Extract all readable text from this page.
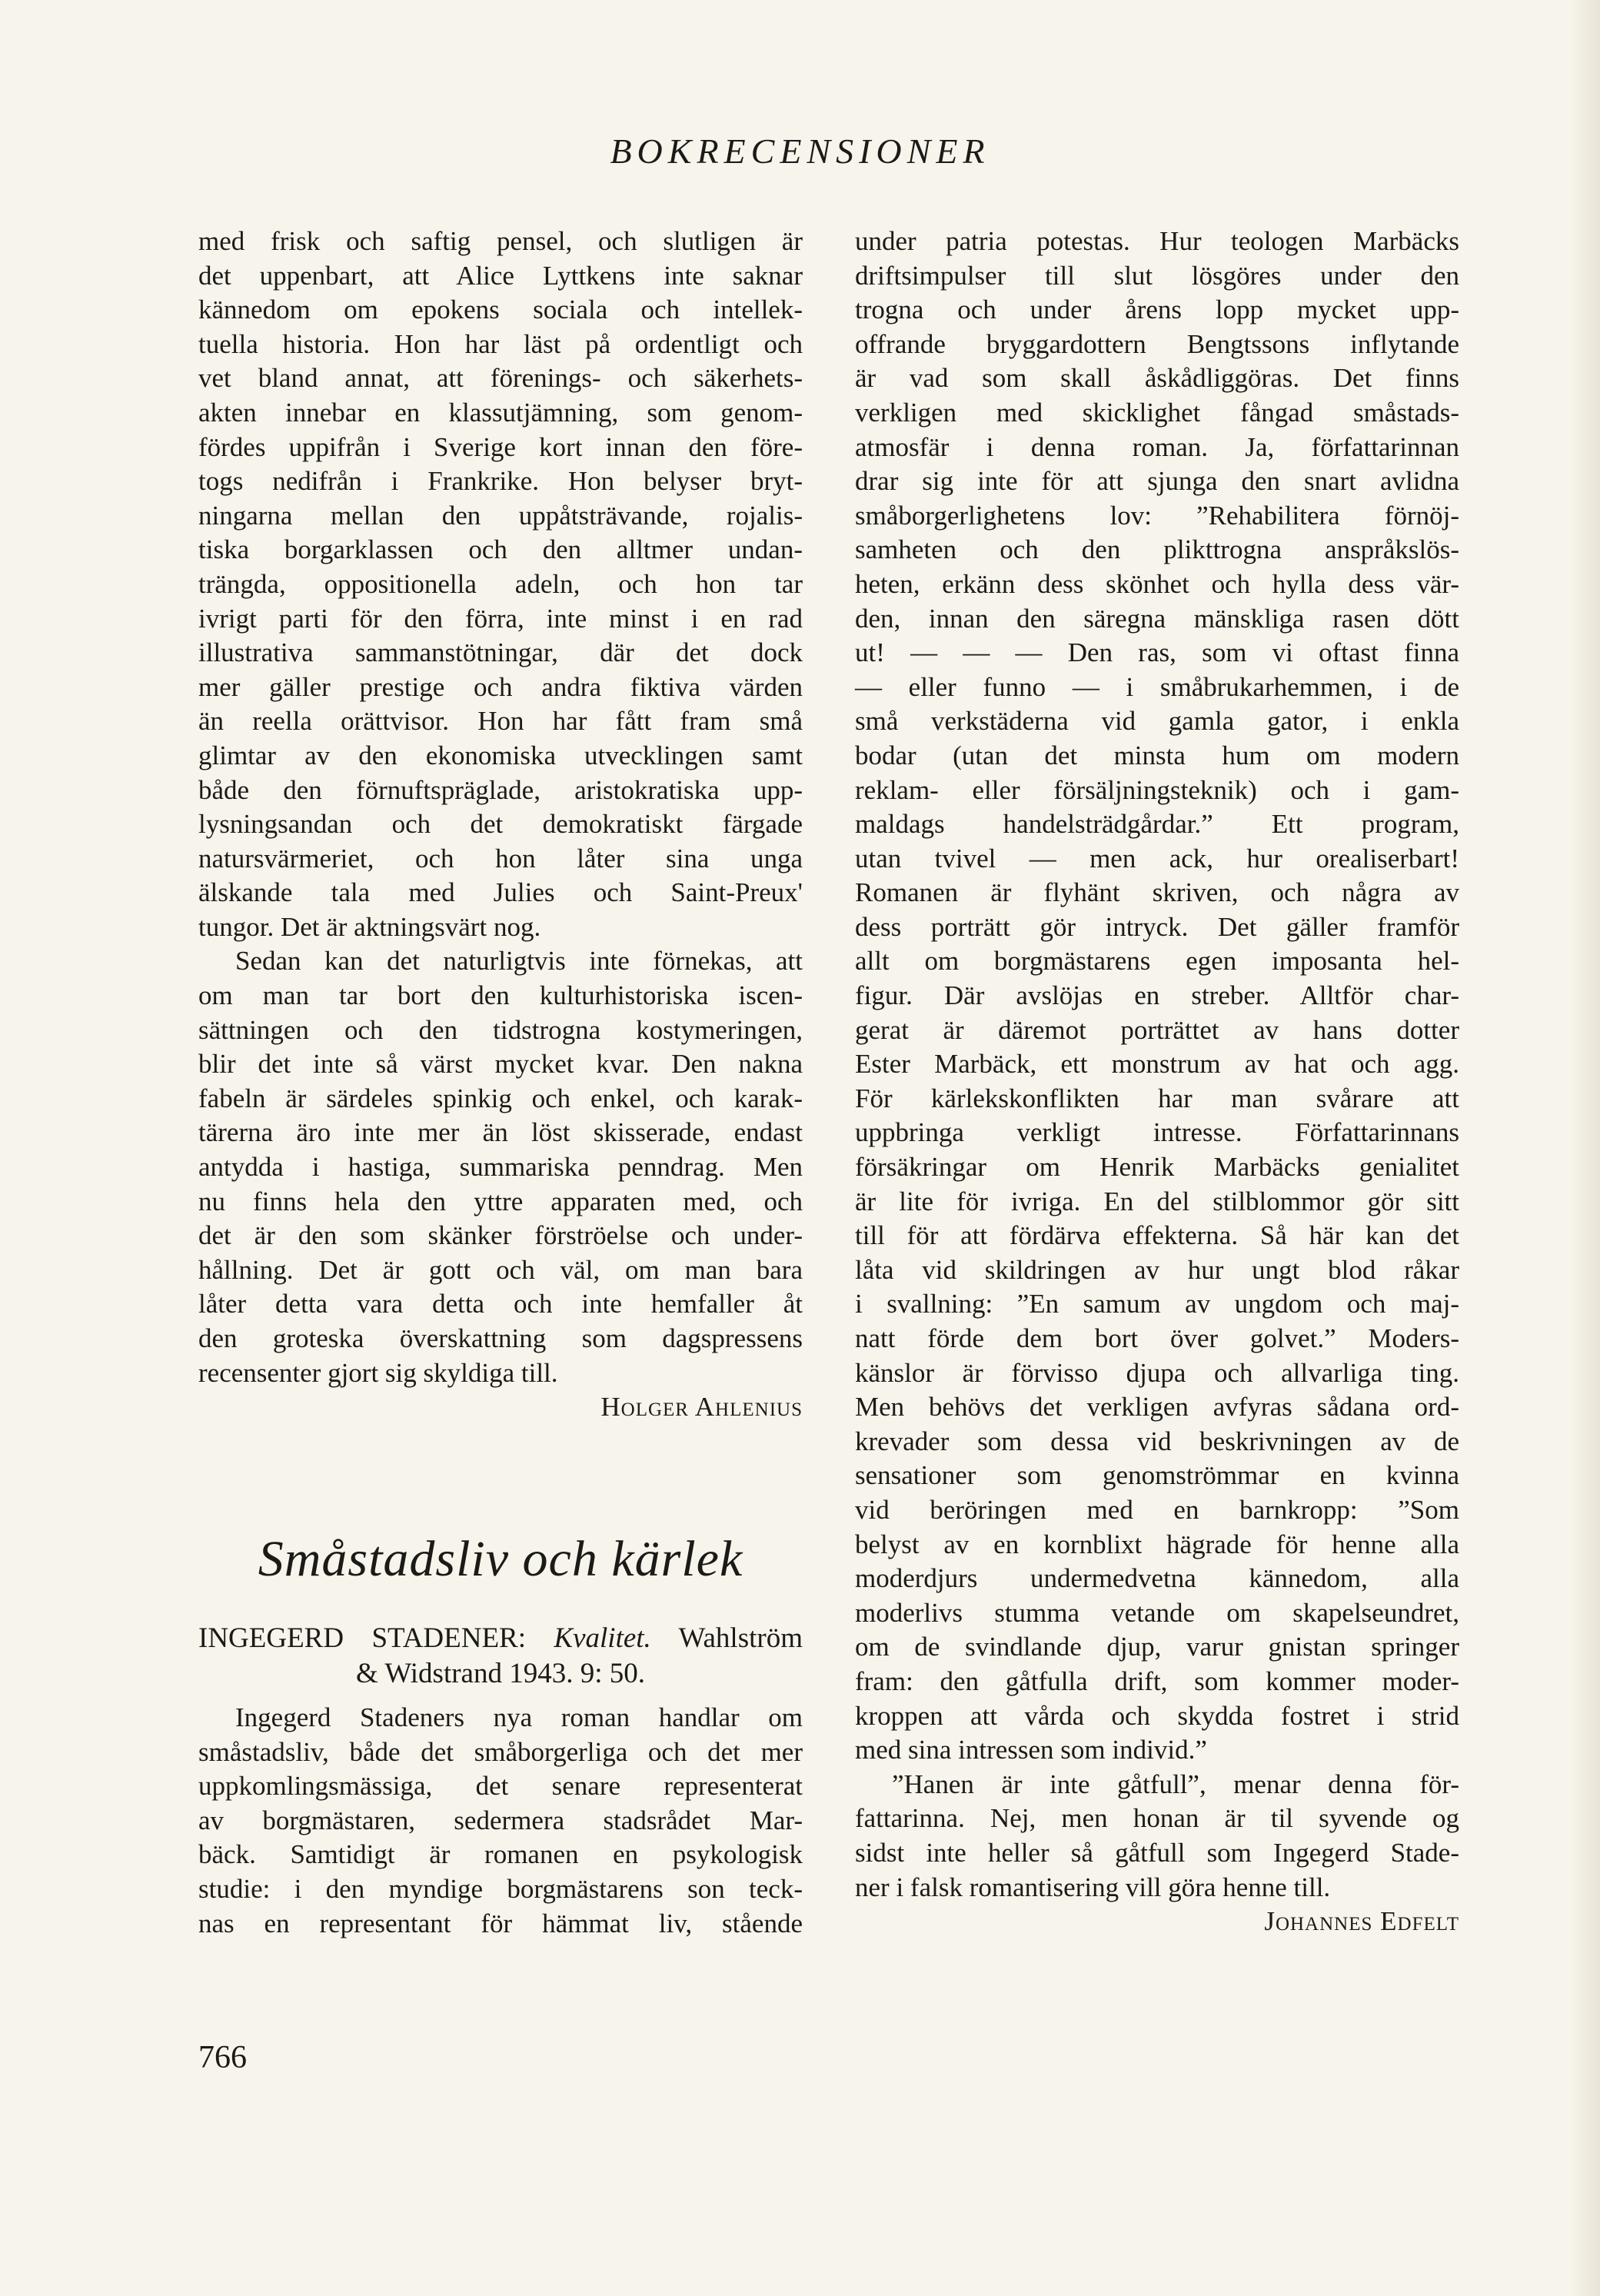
BOKRECENSIONER
med frisk och saftig pensel, och slutligen är
det uppenbart, att Alice Lyttkens inte saknar
kännedom om epokens sociala och intellek-
tuella historia. Hon har läst på ordentligt och
vet bland annat, att förenings- och säkerhets-
akten innebar en klassutjämning, som genom-
fördes uppifrån i Sverige kort innan den före-
togs nedifrån i Frankrike. Hon belyser bryt-
ningarna mellan den uppåtsträvande, rojalis-
tiska borgarklassen och den alltmer undan-
trängda, oppositionella adeln, och hon tar
ivrigt parti för den förra, inte minst i en rad
illustrativa sammanstötningar, där det dock
mer gäller prestige och andra fiktiva värden
än reella orättvisor. Hon har fått fram små
glimtar av den ekonomiska utvecklingen samt
både den förnuftspräglade, aristokratiska upp-
lysningsandan och det demokratiskt färgade
natursvärmeriet, och hon låter sina unga
älskande tala med Julies och Saint-Preux'
tungor. Det är aktningsvärt nog.
Sedan kan det naturligtvis inte förnekas, att
om man tar bort den kulturhistoriska iscen-
sättningen och den tidstrogna kostymeringen,
blir det inte så värst mycket kvar. Den nakna
fabeln är särdeles spinkig och enkel, och karak-
tärerna äro inte mer än löst skisserade, endast
antydda i hastiga, summariska penndrag. Men
nu finns hela den yttre apparaten med, och
det är den som skänker förströelse och under-
hållning. Det är gott och väl, om man bara
låter detta vara detta och inte hemfaller åt
den groteska överskattning som dagspressens
recensenter gjort sig skyldiga till.
Holger Ahlenius
Småstadsliv och kärlek
INGEGERD STADENER: Kvalitet. Wahlström
& Widstrand 1943. 9: 50.
Ingegerd Stadeners nya roman handlar om
småstadsliv, både det småborgerliga och det mer
uppkomlingsmässiga, det senare representerat
av borgmästaren, sedermera stadsrådet Mar-
bäck. Samtidigt är romanen en psykologisk
studie: i den myndige borgmästarens son teck-
nas en representant för hämmat liv, stående
under patria potestas. Hur teologen Marbäcks
driftsimpulser till slut lösgöres under den
trogna och under årens lopp mycket upp-
offrande bryggardottern Bengtssons inflytande
är vad som skall åskådliggöras. Det finns
verkligen med skicklighet fångad småstads-
atmosfär i denna roman. Ja, författarinnan
drar sig inte för att sjunga den snart avlidna
småborgerlighetens lov: ”Rehabilitera förnöj-
samheten och den plikttrogna anspråkslös-
heten, erkänn dess skönhet och hylla dess vär-
den, innan den säregna mänskliga rasen dött
ut! — — — Den ras, som vi oftast finna
— eller funno — i småbrukarhemmen, i de
små verkstäderna vid gamla gator, i enkla
bodar (utan det minsta hum om modern
reklam- eller försäljningsteknik) och i gam-
maldags handelsträdgårdar.” Ett program,
utan tvivel — men ack, hur orealiserbart!
Romanen är flyhänt skriven, och några av
dess porträtt gör intryck. Det gäller framför
allt om borgmästarens egen imposanta hel-
figur. Där avslöjas en streber. Alltför char-
gerat är däremot porträttet av hans dotter
Ester Marbäck, ett monstrum av hat och agg.
För kärlekskonflikten har man svårare att
uppbringa verkligt intresse. Författarinnans
försäkringar om Henrik Marbäcks genialitet
är lite för ivriga. En del stilblommor gör sitt
till för att fördärva effekterna. Så här kan det
låta vid skildringen av hur ungt blod råkar
i svallning: ”En samum av ungdom och maj-
natt förde dem bort över golvet.” Moders-
känslor är förvisso djupa och allvarliga ting.
Men behövs det verkligen avfyras sådana ord-
krevader som dessa vid beskrivningen av de
sensationer som genomströmmar en kvinna
vid beröringen med en barnkropp: ”Som
belyst av en kornblixt hägrade för henne alla
moderdjurs undermedvetna kännedom, alla
moderlivs stumma vetande om skapelseundret,
om de svindlande djup, varur gnistan springer
fram: den gåtfulla drift, som kommer moder-
kroppen att vårda och skydda fostret i strid
med sina intressen som individ.”
”Hanen är inte gåtfull”, menar denna för-
fattarinna. Nej, men honan är til syvende og
sidst inte heller så gåtfull som Ingegerd Stade-
ner i falsk romantisering vill göra henne till.
Johannes Edfelt
766
